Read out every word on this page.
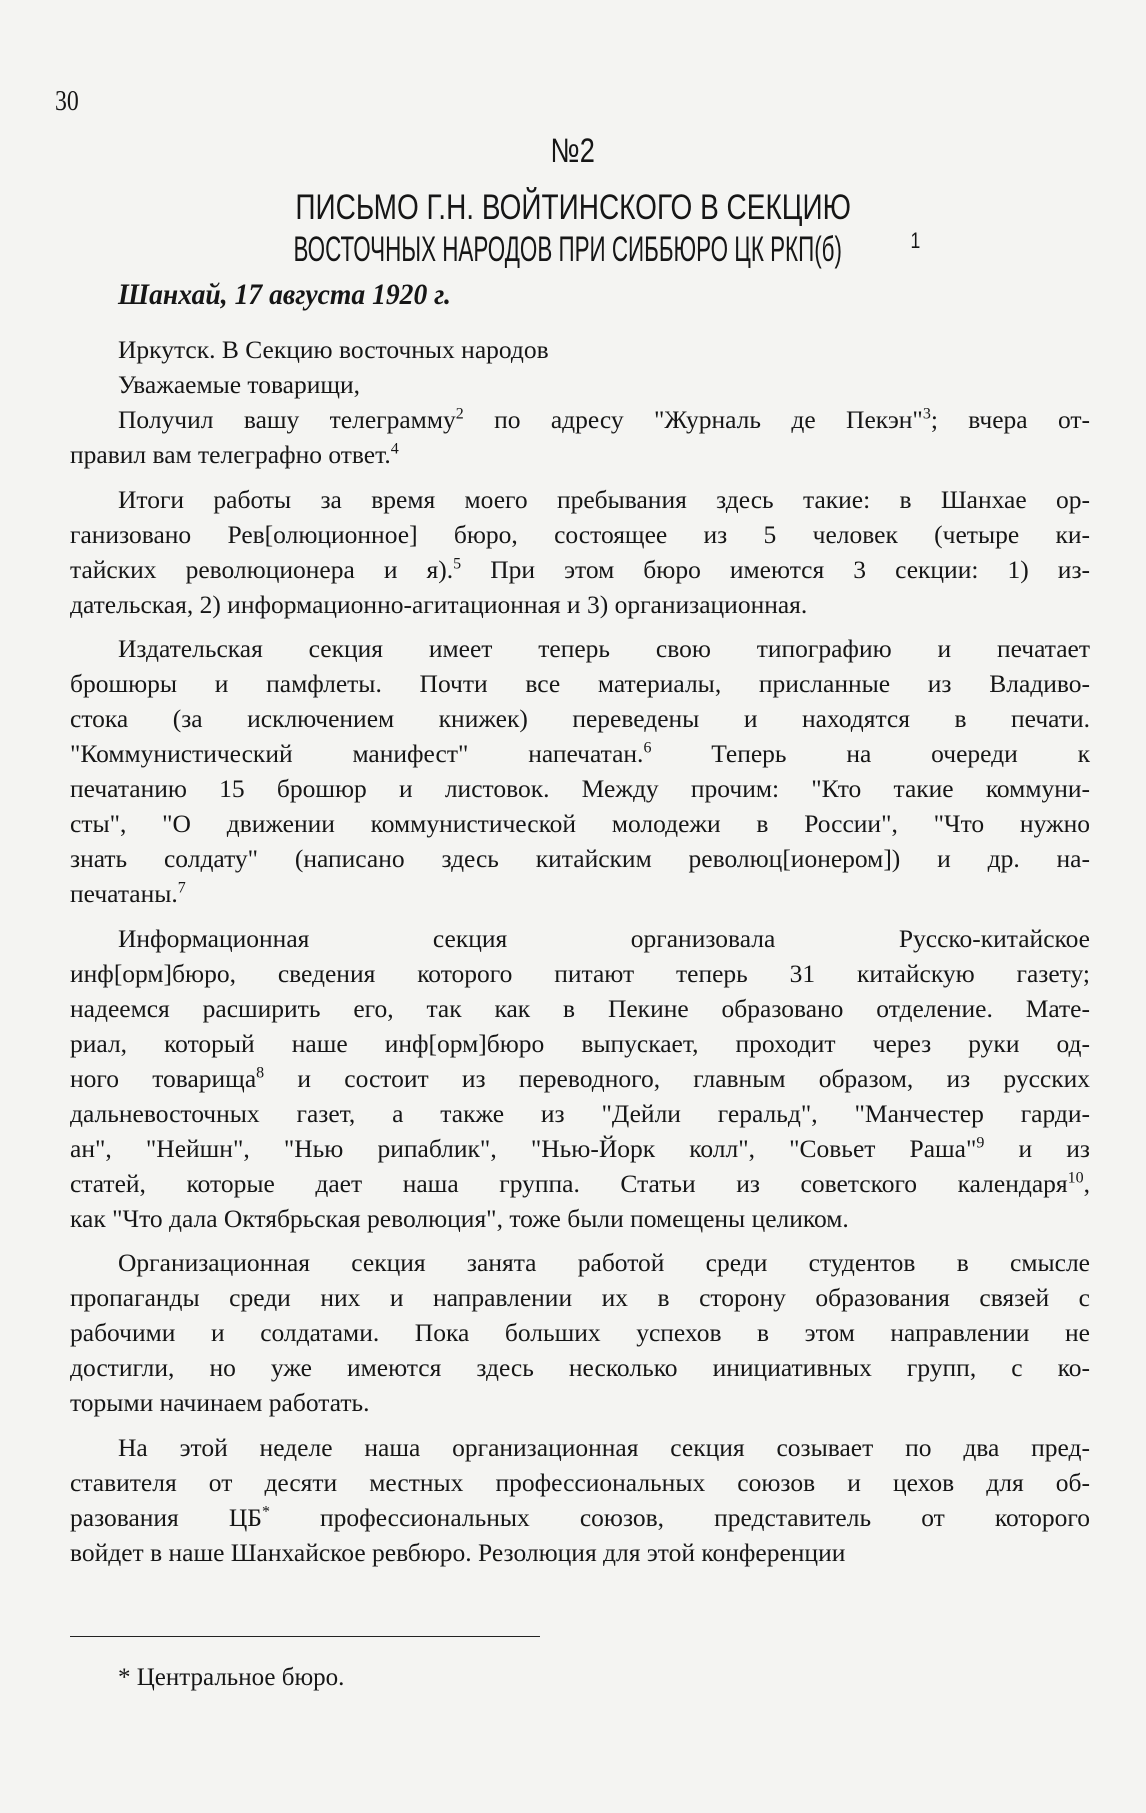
30
№2
ПИСЬМО Г.Н. ВОЙТИНСКОГО В СЕКЦИЮ
ВОСТОЧНЫХ НАРОДОВ ПРИ СИББЮРО ЦК РКП(б)	$^1$
Шанхай, 17 августа 1920 г.
Иркутск. В Секцию восточных народов
Уважаемые товарищи,
Получил вашу телеграмму$^2$ по адресу "Журналь де Пекэн"$^3$; вчера от-
правил вам телеграфно ответ.$^4$
Итоги работы за время моего пребывания здесь такие: в Шанхае ор-
ганизовано Рев[олюционное] бюро, состоящее из 5 человек (четыре ки-
тайских революционера и я).$^5$ При этом бюро имеются 3 секции: 1) из-
дательская, 2) информационно-агитационная и 3) организационная.
Издательская секция имеет теперь свою типографию и печатает
брошюры и памфлеты. Почти все материалы, присланные из Владиво-
стока (за исключением книжек) переведены и находятся в печати.
"Коммунистический манифест" напечатан.$^6$ Теперь на очереди к
печатанию 15 брошюр и листовок. Между прочим: "Кто такие коммуни-
сты", "О движении коммунистической молодежи в России", "Что нужно
знать солдату" (написано здесь китайским революц[ионером]) и др. на-
печатаны.$^7$
Информационная секция организовала Русско-китайское
инф[орм]бюро, сведения которого питают теперь 31 китайскую газету;
надеемся расширить его, так как в Пекине образовано отделение. Мате-
риал, который наше инф[орм]бюро выпускает, проходит через руки од-
ного товарища$^8$ и состоит из переводного, главным образом, из русских
дальневосточных газет, а также из "Дейли геральд", "Манчестер гарди-
ан", "Нейшн", "Нью рипаблик", "Нью-Йорк колл", "Совьет Раша"$^9$ и из
статей, которые дает наша группа. Статьи из советского календаря$^{10}$,
как "Что дала Октябрьская революция", тоже были помещены целиком.
Организационная секция занята работой среди студентов в смысле
пропаганды среди них и направлении их в сторону образования связей с
рабочими и солдатами. Пока больших успехов в этом направлении не
достигли, но уже имеются здесь несколько инициативных групп, с ко-
торыми начинаем работать.
На этой неделе наша организационная секция созывает по два пред-
ставителя от десяти местных профессиональных союзов и цехов для об-
разования ЦБ* профессиональных союзов, представитель от которого
войдет в наше Шанхайское ревбюро. Резолюция для этой конференции
* Центральное бюро.
